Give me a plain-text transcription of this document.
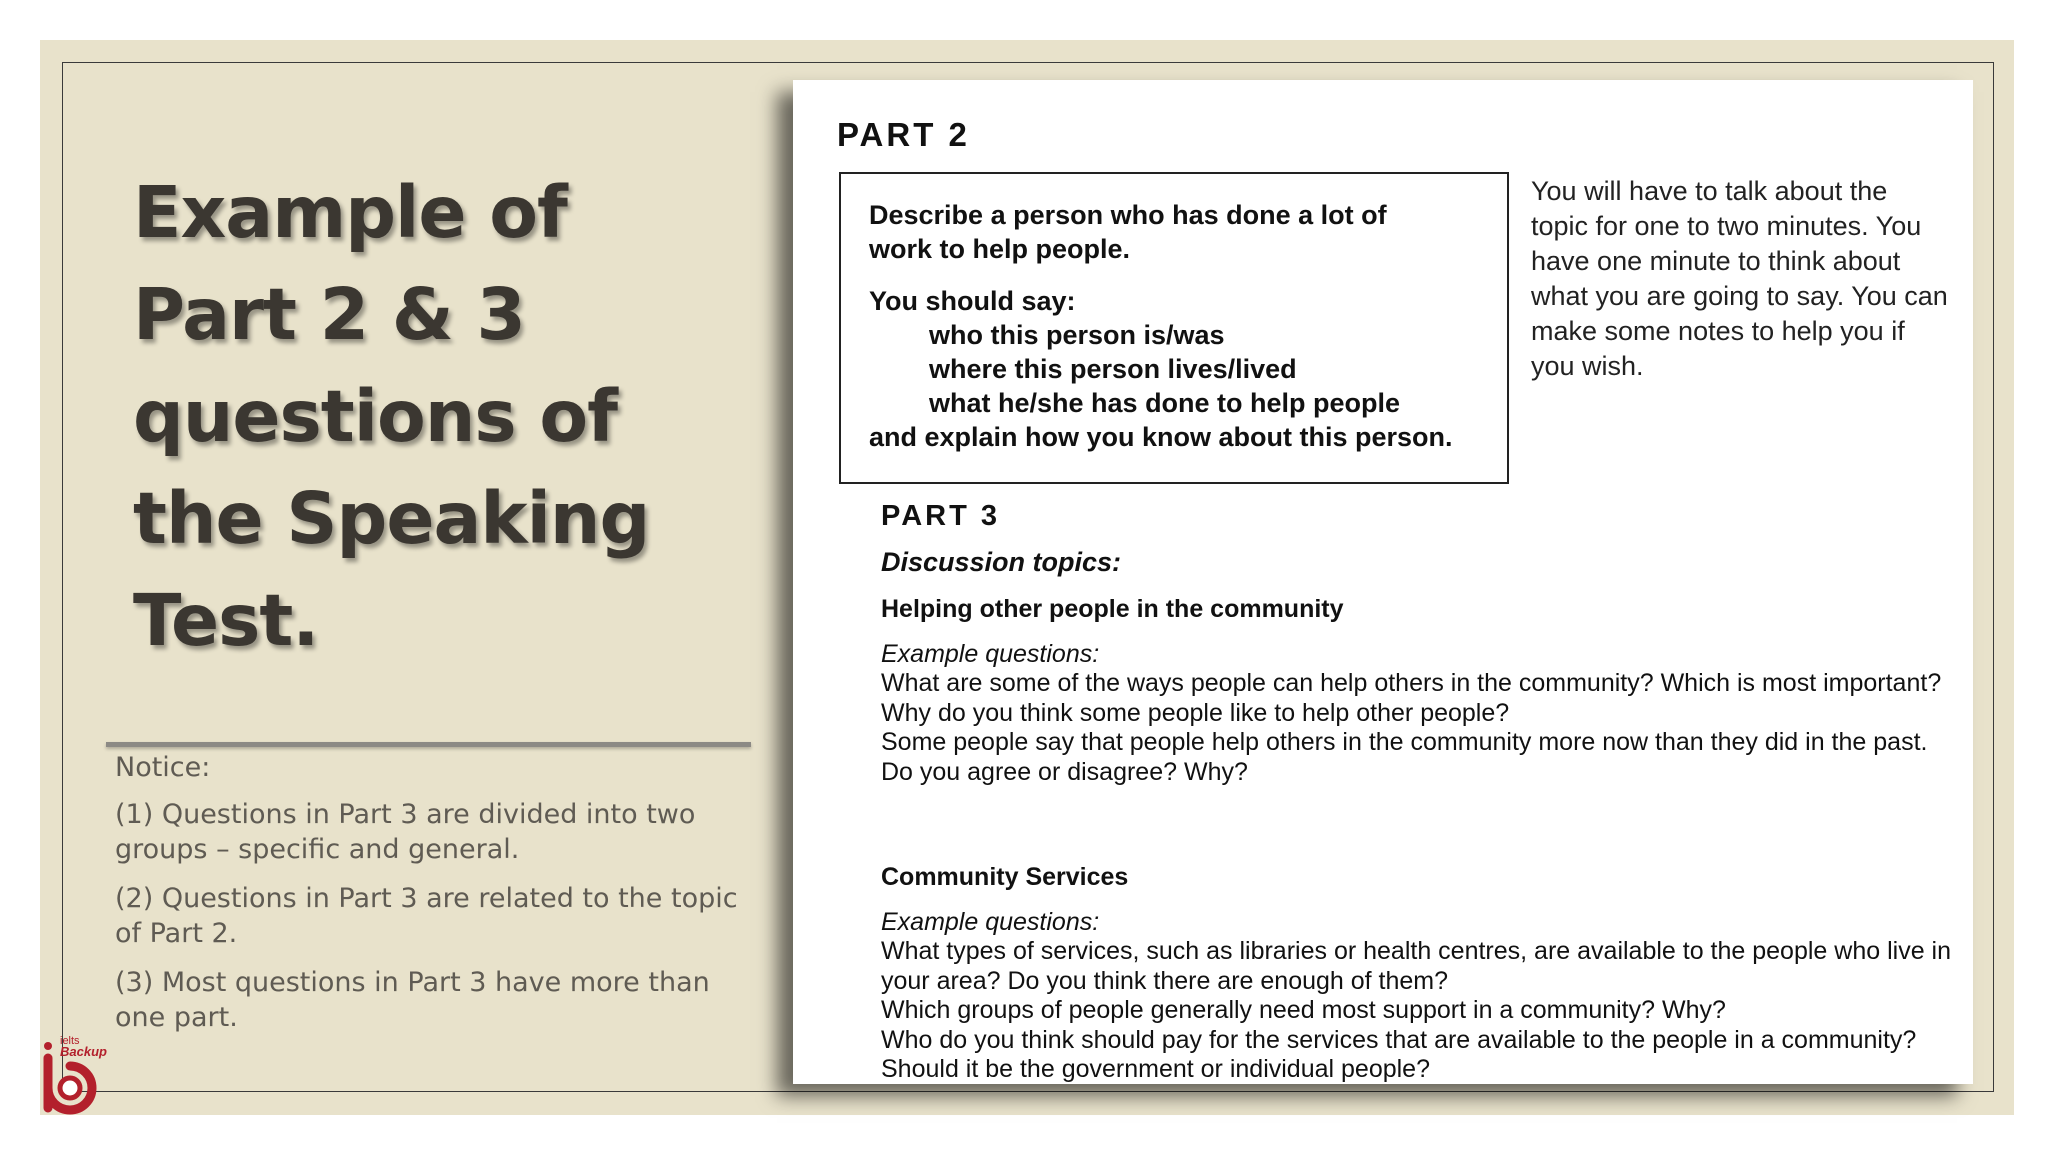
Example of
Part 2 & 3
questions of
the Speaking
Test.

Notice:

(1) Questions in Part 3 are divided into two groups – specific and general.

(2) Questions in Part 3 are related to the topic of Part 2.

(3) Most questions in Part 3 have more than one part.

ielts
Backup
PART 2
Describe a person who has done a lot of
work to help people.
You should say:
who this person is/was
where this person lives/lived
what he/she has done to help people
and explain how you know about this person.
You will have to talk about the topic for one to two minutes. You have one minute to think about what you are going to say. You can make some notes to help you if you wish.
PART 3
Discussion topics:
Helping other people in the community
Example questions:
What are some of the ways people can help others in the community? Which is most important?
Why do you think some people like to help other people?
Some people say that people help others in the community more now than they did in the past. Do you agree or disagree? Why?
Community Services
Example questions:
What types of services, such as libraries or health centres, are available to the people who live in your area? Do you think there are enough of them?
Which groups of people generally need most support in a community? Why?
Who do you think should pay for the services that are available to the people in a community? Should it be the government or individual people?
